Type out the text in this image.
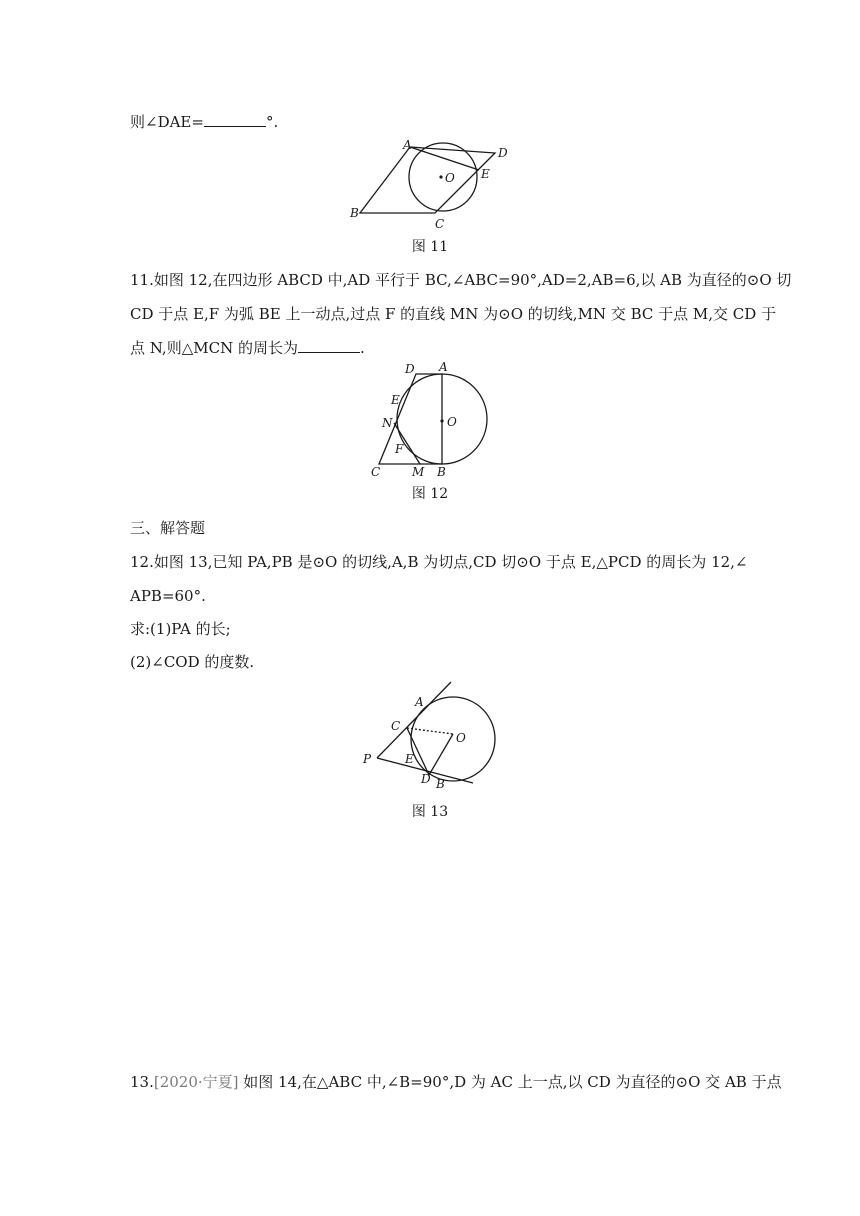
则∠DAE=	°.
A
D
O E
B
C
图 11
11.如图 12,在四边形 ABCD 中,AD 平行于 BC,∠ABC=90°,AD=2,AB=6,以 AB 为直径的⊙O 切
CD 于点 E,F 为弧 BE 上一动点,过点 F 的直线 MN 为⊙O 的切线,MN 交 BC 于点 M,交 CD 于
点 N,则△MCN 的周长为	.
D A
E
N	O
F
C	M B
图 12
三、解答题
12.如图 13,已知 PA,PB 是⊙O 的切线,A,B 为切点,CD 切⊙O 于点 E,△PCD 的周长为 12,∠
APB=60°.
求:(1)PA 的长;
(2)∠COD 的度数.
A
C
O
P	E
D B
图 13
13.[2020·宁夏] 如图 14,在△ABC 中,∠B=90°,D 为 AC 上一点,以 CD 为直径的⊙O 交 AB 于点
